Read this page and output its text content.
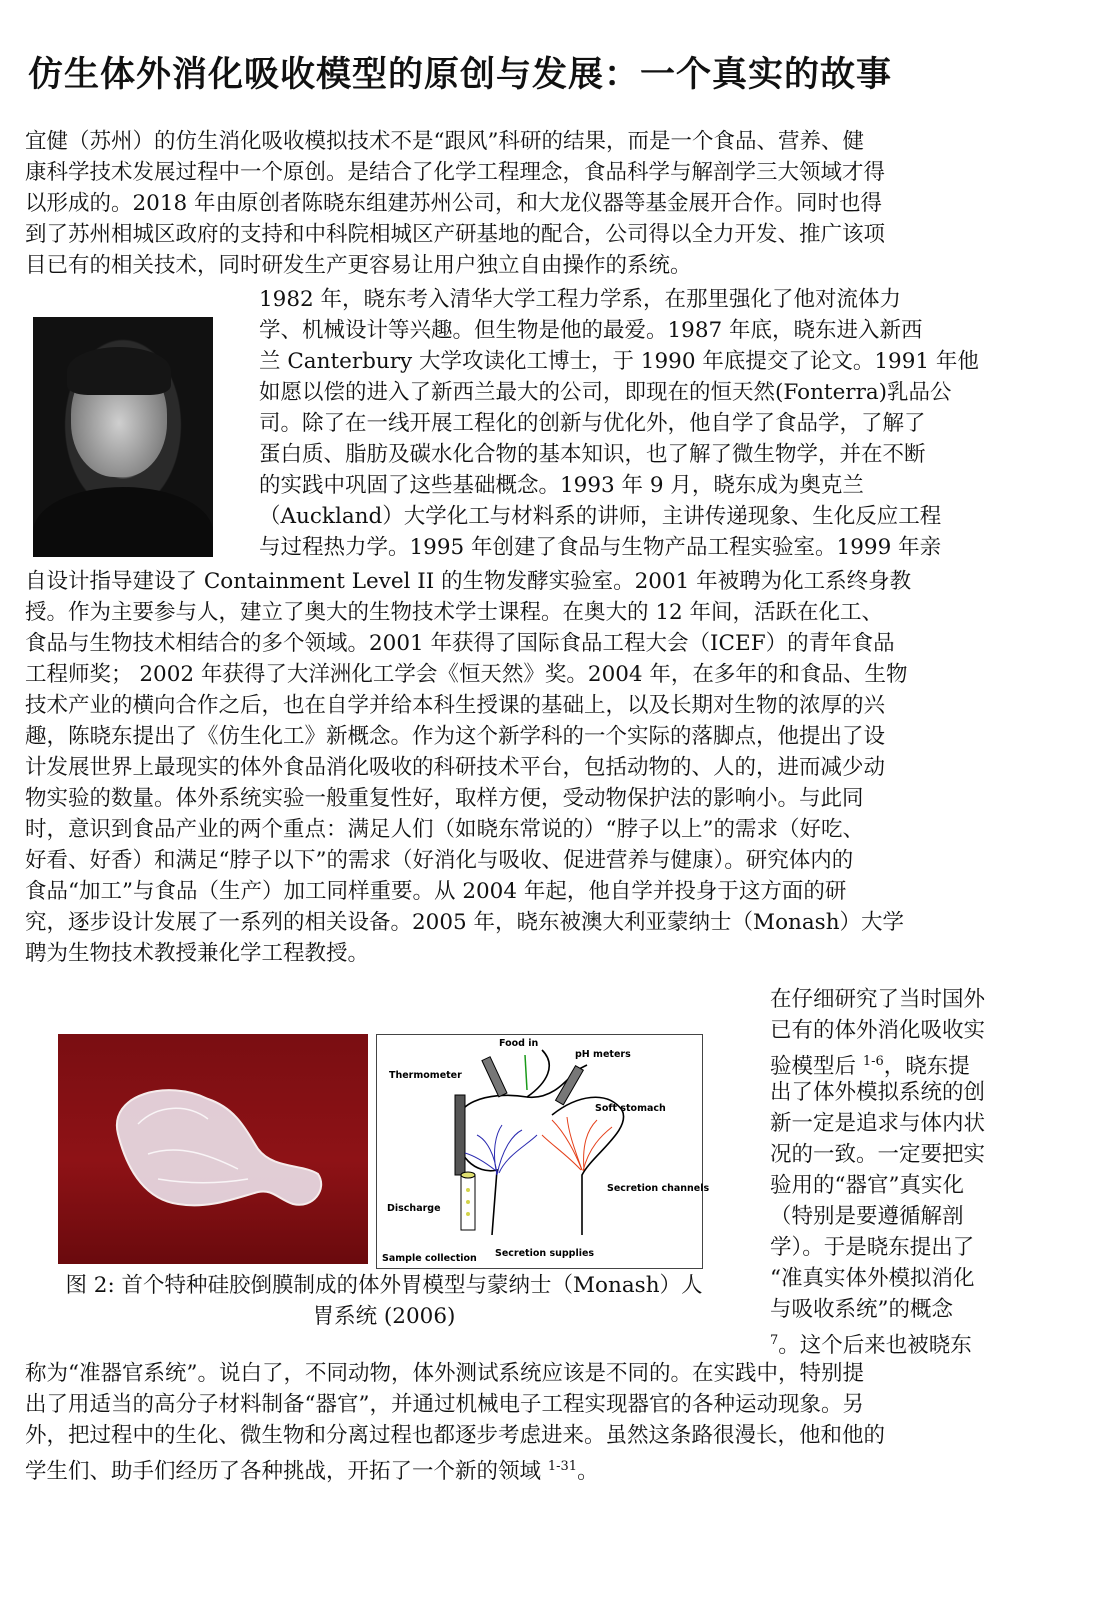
仿生体外消化吸收模型的原创与发展：一个真实的故事
宜健（苏州）的仿生消化吸收模拟技术不是“跟风”科研的结果，而是一个食品、营养、健
康科学技术发展过程中一个原创。是结合了化学工程理念，食品科学与解剖学三大领域才得
以形成的。2018 年由原创者陈晓东组建苏州公司，和大龙仪器等基金展开合作。同时也得
到了苏州相城区政府的支持和中科院相城区产研基地的配合，公司得以全力开发、推广该项
目已有的相关技术，同时研发生产更容易让用户独立自由操作的系统。
1982 年，晓东考入清华大学工程力学系，在那里强化了他对流体力
学、机械设计等兴趣。但生物是他的最爱。1987 年底，晓东进入新西
兰 Canterbury 大学攻读化工博士，于 1990 年底提交了论文。1991 年他
如愿以偿的进入了新西兰最大的公司，即现在的恒天然(Fonterra)乳品公
司。除了在一线开展工程化的创新与优化外，他自学了食品学，了解了
蛋白质、脂肪及碳水化合物的基本知识，也了解了微生物学，并在不断
的实践中巩固了这些基础概念。1993 年 9 月，晓东成为奥克兰
（Auckland）大学化工与材料系的讲师，主讲传递现象、生化反应工程
与过程热力学。1995 年创建了食品与生物产品工程实验室。1999 年亲
自设计指导建设了 Containment Level II 的生物发酵实验室。2001 年被聘为化工系终身教
授。作为主要参与人，建立了奥大的生物技术学士课程。在奥大的 12 年间，活跃在化工、
食品与生物技术相结合的多个领域。2001 年获得了国际食品工程大会（ICEF）的青年食品
工程师奖； 2002 年获得了大洋洲化工学会《恒天然》奖。2004 年，在多年的和食品、生物
技术产业的横向合作之后，也在自学并给本科生授课的基础上，以及长期对生物的浓厚的兴
趣，陈晓东提出了《仿生化工》新概念。作为这个新学科的一个实际的落脚点，他提出了设
计发展世界上最现实的体外食品消化吸收的科研技术平台，包括动物的、人的，进而减少动
物实验的数量。体外系统实验一般重复性好，取样方便，受动物保护法的影响小。与此同
时，意识到食品产业的两个重点：满足人们（如晓东常说的）“脖子以上”的需求（好吃、
好看、好香）和满足“脖子以下”的需求（好消化与吸收、促进营养与健康）。研究体内的
食品“加工”与食品（生产）加工同样重要。从 2004 年起，他自学并投身于这方面的研
究，逐步设计发展了一系列的相关设备。2005 年，晓东被澳大利亚蒙纳士（Monash）大学
聘为生物技术教授兼化学工程教授。
Food in
pH meters
Thermometer
Soft stomach
Secretion channels
Discharge
Sample collection Secretion supplies
图 2: 首个特种硅胶倒膜制成的体外胃模型与蒙纳士（Monash）人
胃系统 (2006)
在仔细研究了当时国外
已有的体外消化吸收实
验模型后 $^{1-6}$，晓东提
出了体外模拟系统的创
新一定是追求与体内状
况的一致。一定要把实
验用的“器官”真实化
（特别是要遵循解剖
学）。于是晓东提出了
“准真实体外模拟消化
与吸收系统”的概念
$^7$。这个后来也被晓东
称为“准器官系统”。说白了，不同动物，体外测试系统应该是不同的。在实践中，特别提
出了用适当的高分子材料制备“器官”，并通过机械电子工程实现器官的各种运动现象。另
外，把过程中的生化、微生物和分离过程也都逐步考虑进来。虽然这条路很漫长，他和他的
学生们、助手们经历了各种挑战，开拓了一个新的领域 $^{1-31}$。
